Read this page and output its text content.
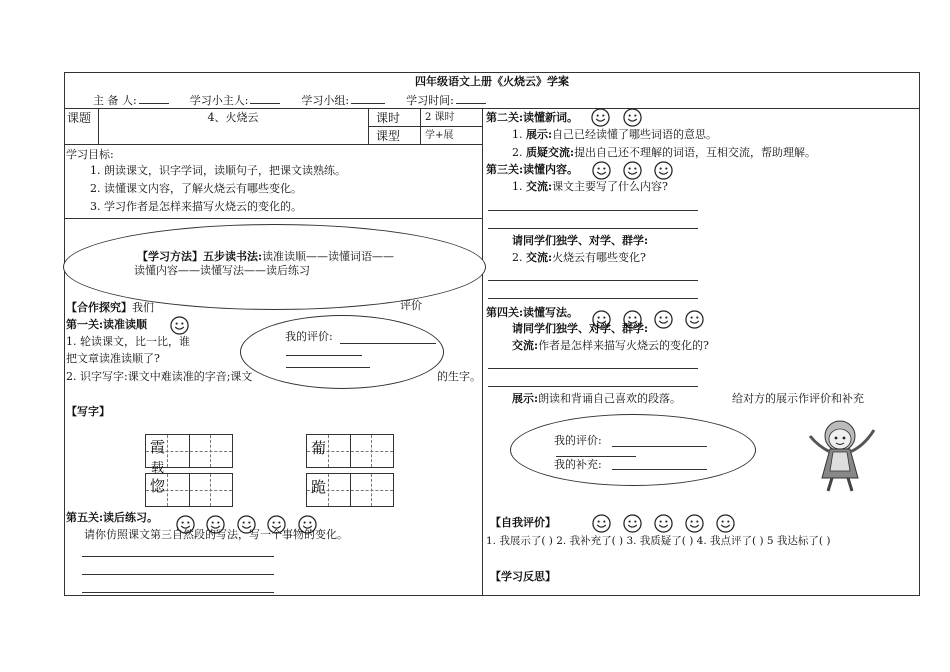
四年级语文上册《火烧云》学案
主 备 人:	学习小主人:	学习小组:	学习时间:
课题	4、火烧云	课时 2 课时
课型 学+展
学习目标:
1. 朗读课文，识字学词，读顺句子，把课文读熟练。
2. 读懂课文内容，了解火烧云有哪些变化。
3. 学习作者是怎样来描写火烧云的变化的。
【学习方法】五步读书法:读准读顺——读懂词语——
读懂内容——读懂写法——读后练习
【合作探究】我们	评价
第一关:读准读顺
1. 轮读课文，比一比，谁
把文章读准读顺了?
2. 识字写字:课文中难读准的字音;课文	的生字。
我的评价:
【写字】
霞
载
惚
葡
跪
第五关:读后练习。
请你仿照课文第三自然段的写法，写一个事物的变化。
第二关:读懂新词。
1. 展示:自己已经读懂了哪些词语的意思。
2. 质疑交流:提出自己还不理解的词语，互相交流，帮助理解。
第三关:读懂内容。
1. 交流:课文主要写了什么内容?
请同学们独学、对学、群学:
2. 交流:火烧云有哪些变化?
第四关:读懂写法。
请同学们独学、对学、群学:
交流:作者是怎样来描写火烧云的变化的?
展示:朗读和背诵自己喜欢的段落。	给对方的展示作评价和补充
我的评价:
我的补充:
【自我评价】
1. 我展示了( ) 2. 我补充了( ) 3. 我质疑了( ) 4. 我点评了( ) 5 我达标了( )
【学习反思】
